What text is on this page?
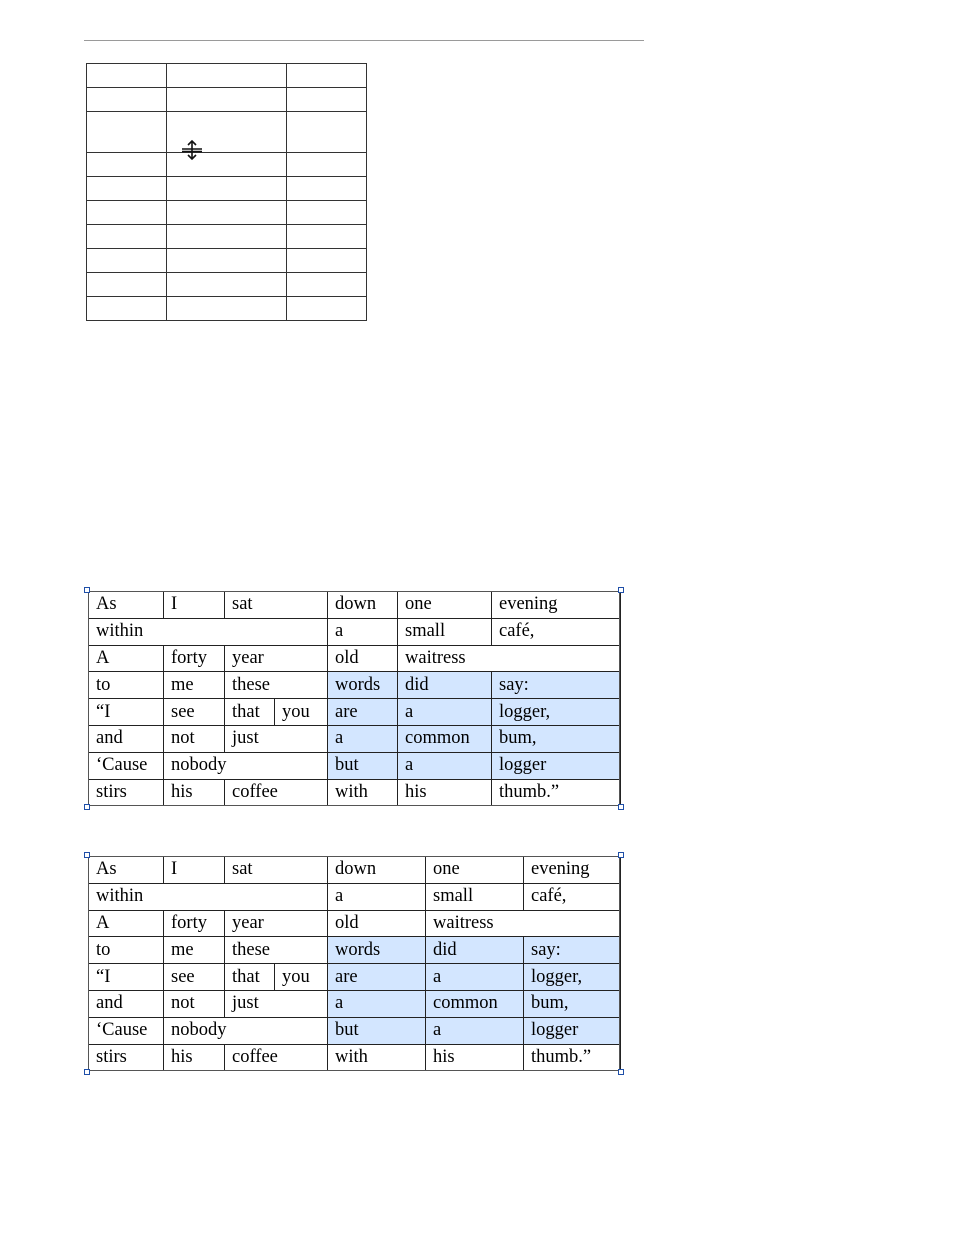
As	I	sat		down	one	evening
within				a	small	café,
A	forty	year		old	waitress	
to	me	these		words	did	say:
“I	see	that	you	are	a	logger,
and	not	just		a	common	bum,
‘Cause	nobody			but	a	logger
stirs	his	coffee		with	his	thumb.”
As	I	sat		down	one	evening
within				a	small	café,
A	forty	year		old	waitress	
to	me	these		words	did	say:
“I	see	that	you	are	a	logger,
and	not	just		a	common	bum,
‘Cause	nobody			but	a	logger
stirs	his	coffee		with	his	thumb.”
